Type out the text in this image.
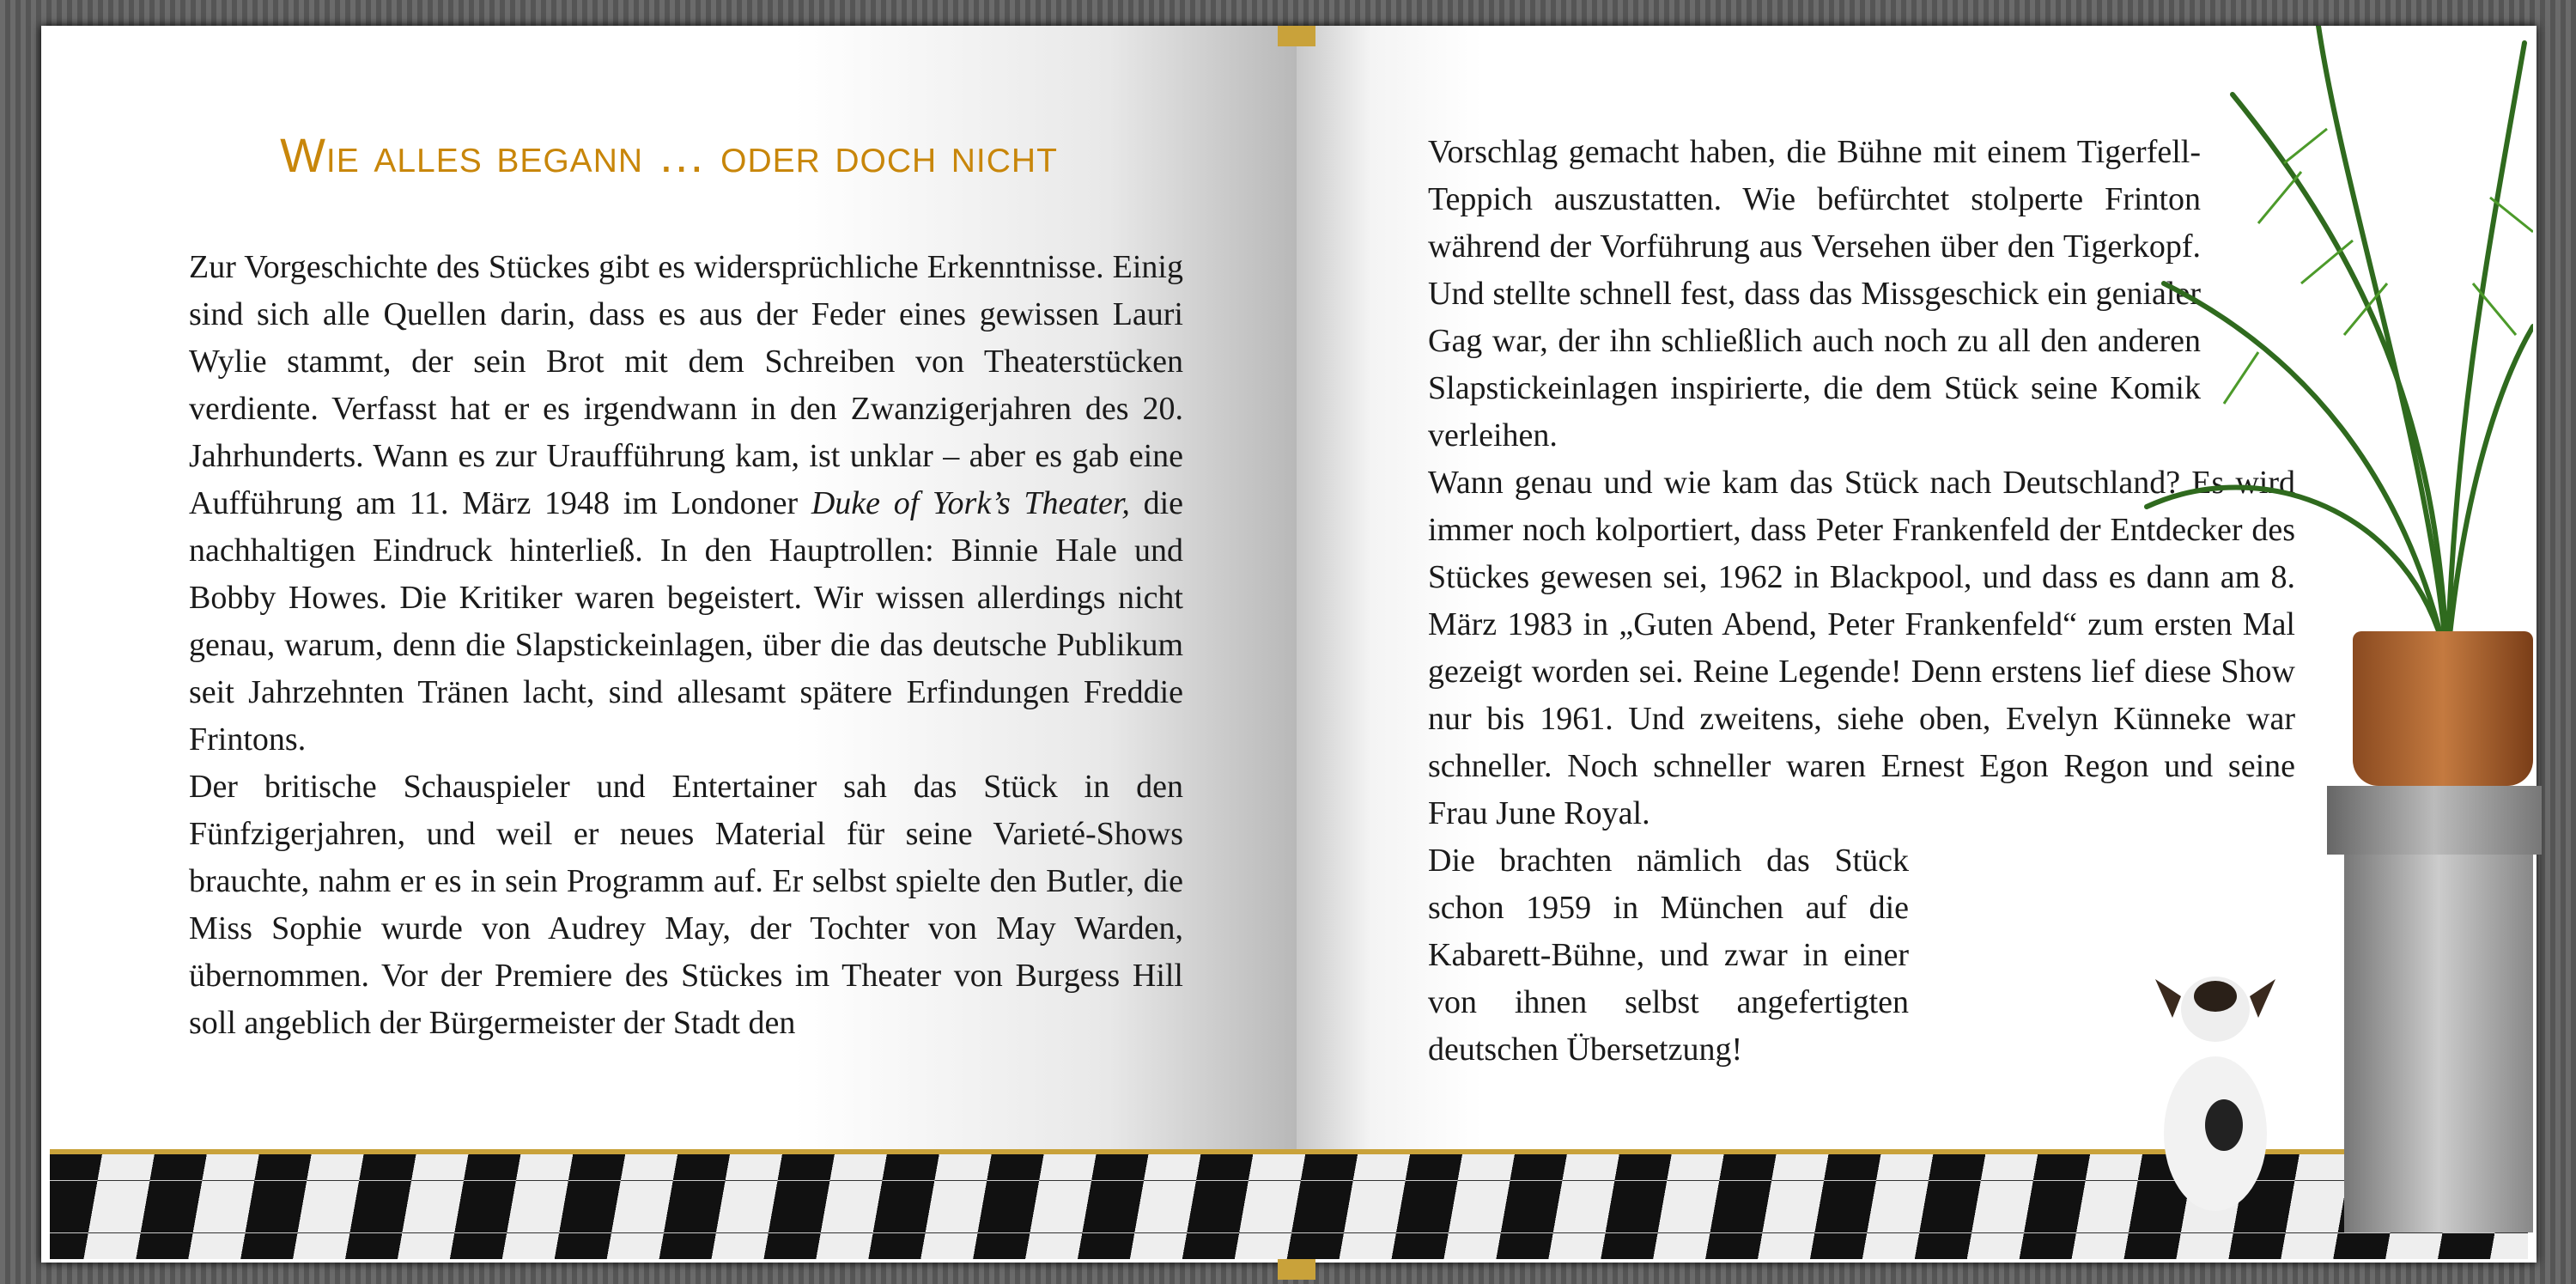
Wie alles begann … oder doch nicht

Zur Vorgeschichte des Stückes gibt es widersprüchliche Erkenntnisse. Einig sind sich alle Quellen darin, dass es aus der Feder eines gewissen Lauri Wylie stammt, der sein Brot mit dem Schreiben von Theaterstücken verdiente. Verfasst hat er es irgendwann in den Zwanzigerjahren des 20. Jahrhunderts. Wann es zur Uraufführung kam, ist unklar – aber es gab eine Aufführung am 11. März 1948 im Londoner Duke of York’s Theater, die nachhaltigen Eindruck hinterließ. In den Hauptrollen: Binnie Hale und Bobby Howes. Die Kritiker waren begeistert. Wir wissen allerdings nicht genau, warum, denn die Slapstickeinlagen, über die das deutsche Publikum seit Jahrzehnten Tränen lacht, sind allesamt spätere Erfindungen Freddie Frintons.

Der britische Schauspieler und Entertainer sah das Stück in den Fünfzigerjahren, und weil er neues Material für seine Varieté-Shows brauchte, nahm er es in sein Programm auf. Er selbst spielte den Butler, die Miss Sophie wurde von Audrey May, der Tochter von May Warden, übernommen. Vor der Premiere des Stückes im Theater von Burgess Hill soll angeblich der Bürgermeister der Stadt den

Vorschlag gemacht haben, die Bühne mit einem Tigerfell-Teppich auszustatten. Wie befürchtet stolperte Frinton während der Vorführung aus Versehen über den Tigerkopf. Und stellte schnell fest, dass das Missgeschick ein genialer Gag war, der ihn schließlich auch noch zu all den anderen Slapstickeinlagen inspirierte, die dem Stück seine Komik verleihen.

Wann genau und wie kam das Stück nach Deutschland? Es wird immer noch kolportiert, dass Peter Frankenfeld der Entdecker des Stückes gewesen sei, 1962 in Blackpool, und dass es dann am 8. März 1983 in „Guten Abend, Peter Frankenfeld“ zum ersten Mal gezeigt worden sei. Reine Legende! Denn erstens lief diese Show nur bis 1961. Und zweitens, siehe oben, Evelyn Künneke war schneller. Noch schneller waren Ernest Egon Regon und seine Frau June Royal.

Die brachten nämlich das Stück schon 1959 in München auf die Kabarett-Bühne, und zwar in einer von ihnen selbst angefertigten deutschen Übersetzung!
